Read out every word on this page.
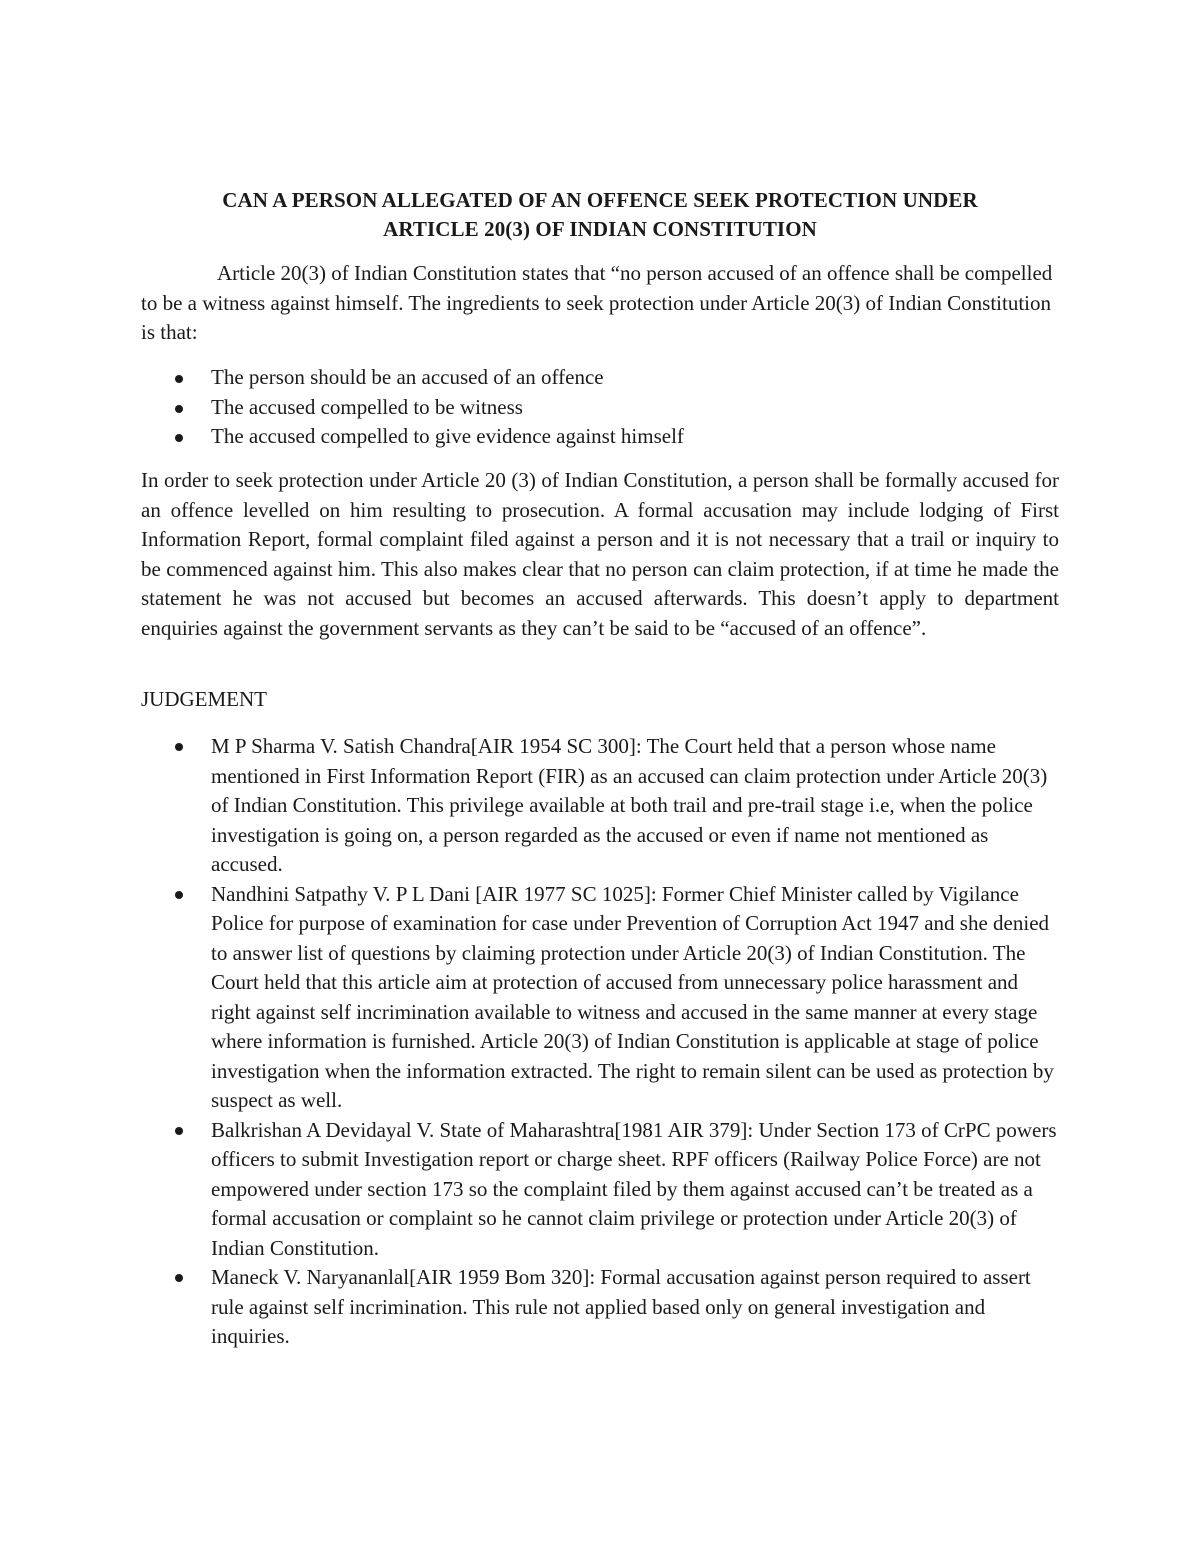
CAN A PERSON ALLEGATED OF AN OFFENCE SEEK PROTECTION UNDER
ARTICLE 20(3) OF INDIAN CONSTITUTION

Article 20(3) of Indian Constitution states that “no person accused of an offence shall be compelled to be a witness against himself. The ingredients to seek protection under Article 20(3) of Indian Constitution is that:

The person should be an accused of an offence
The accused compelled to be witness
The accused compelled to give evidence against himself

In order to seek protection under Article 20 (3) of Indian Constitution, a person shall be formally accused for an offence levelled on him resulting to prosecution. A formal accusation may include lodging of First Information Report, formal complaint filed against a person and it is not necessary that a trail or inquiry to be commenced against him. This also makes clear that no person can claim protection, if at time he made the statement he was not accused but becomes an accused afterwards. This doesn’t apply to department enquiries against the government servants as they can’t be said to be “accused of an offence”.

JUDGEMENT

M P Sharma V. Satish Chandra[AIR 1954 SC 300]: The Court held that a person whose name mentioned in First Information Report (FIR) as an accused can claim protection under Article 20(3) of Indian Constitution. This privilege available at both trail and pre-trail stage i.e, when the police investigation is going on, a person regarded as the accused or even if name not mentioned as accused.
Nandhini Satpathy V. P L Dani [AIR 1977 SC 1025]: Former Chief Minister called by Vigilance Police for purpose of examination for case under Prevention of Corruption Act 1947 and she denied to answer list of questions by claiming protection under Article 20(3) of Indian Constitution. The Court held that this article aim at protection of accused from unnecessary police harassment and right against self incrimination available to witness and accused in the same manner at every stage where information is furnished. Article 20(3) of Indian Constitution is applicable at stage of police investigation when the information extracted. The right to remain silent can be used as protection by suspect as well.
Balkrishan A Devidayal V. State of Maharashtra[1981 AIR 379]: Under Section 173 of CrPC powers officers to submit Investigation report or charge sheet. RPF officers (Railway Police Force) are not empowered under section 173 so the complaint filed by them against accused can’t be treated as a formal accusation or complaint so he cannot claim privilege or protection under Article 20(3) of Indian Constitution.
Maneck V. Naryananlal[AIR 1959 Bom 320]: Formal accusation against person required to assert rule against self incrimination. This rule not applied based only on general investigation and inquiries.
